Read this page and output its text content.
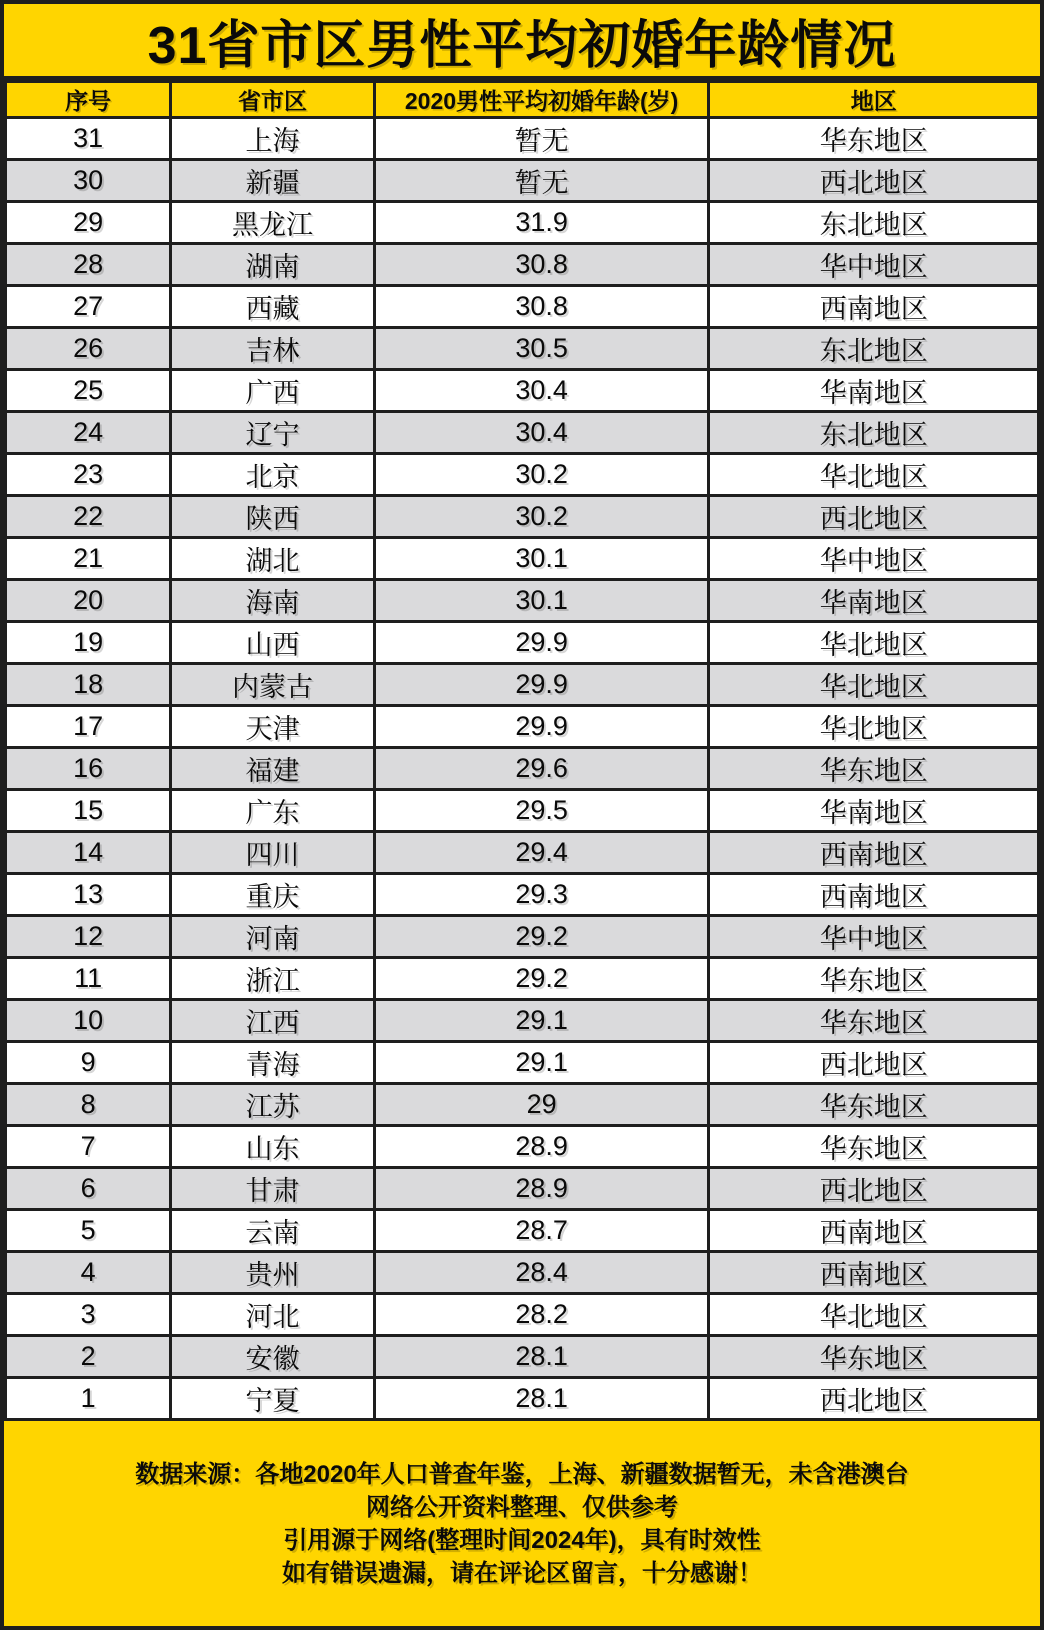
31省市区男性平均初婚年龄情况
序号	省市区	2020男性平均初婚年龄(岁)	地区
31	上海	暂无	华东地区
30	新疆	暂无	西北地区
29	黑龙江	31.9	东北地区
28	湖南	30.8	华中地区
27	西藏	30.8	西南地区
26	吉林	30.5	东北地区
25	广西	30.4	华南地区
24	辽宁	30.4	东北地区
23	北京	30.2	华北地区
22	陕西	30.2	西北地区
21	湖北	30.1	华中地区
20	海南	30.1	华南地区
19	山西	29.9	华北地区
18	内蒙古	29.9	华北地区
17	天津	29.9	华北地区
16	福建	29.6	华东地区
15	广东	29.5	华南地区
14	四川	29.4	西南地区
13	重庆	29.3	西南地区
12	河南	29.2	华中地区
11	浙江	29.2	华东地区
10	江西	29.1	华东地区
9	青海	29.1	西北地区
8	江苏	29	华东地区
7	山东	28.9	华东地区
6	甘肃	28.9	西北地区
5	云南	28.7	西南地区
4	贵州	28.4	西南地区
3	河北	28.2	华北地区
2	安徽	28.1	华东地区
1	宁夏	28.1	西北地区
数据来源：各地2020年人口普查年鉴，上海、新疆数据暂无，未含港澳台
网络公开资料整理、仅供参考
引用源于网络(整理时间2024年)，具有时效性
如有错误遗漏，请在评论区留言，十分感谢！
